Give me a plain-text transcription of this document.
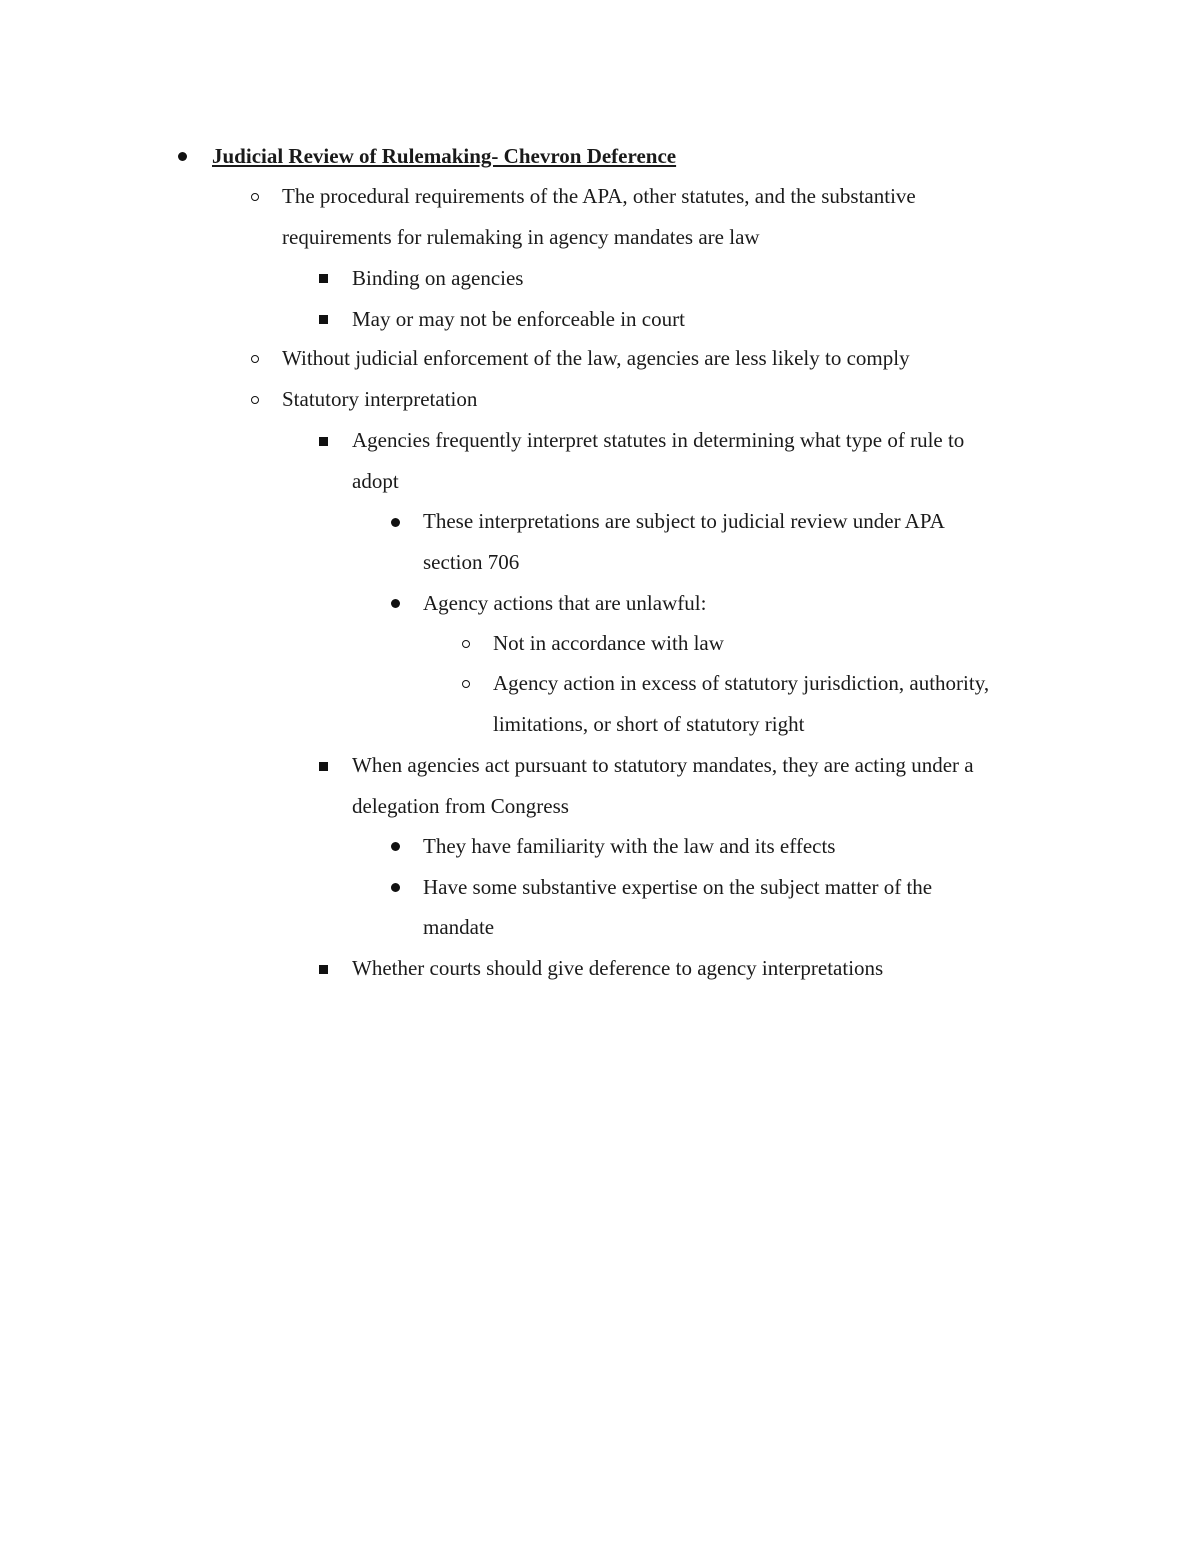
Judicial Review of Rulemaking- Chevron Deference
The procedural requirements of the APA, other statutes, and the substantive
requirements for rulemaking in agency mandates are law
Binding on agencies
May or may not be enforceable in court
Without judicial enforcement of the law, agencies are less likely to comply
Statutory interpretation
Agencies frequently interpret statutes in determining what type of rule to
adopt
These interpretations are subject to judicial review under APA
section 706
Agency actions that are unlawful:
Not in accordance with law
Agency action in excess of statutory jurisdiction, authority,
limitations, or short of statutory right
When agencies act pursuant to statutory mandates, they are acting under a
delegation from Congress
They have familiarity with the law and its effects
Have some substantive expertise on the subject matter of the
mandate
Whether courts should give deference to agency interpretations
